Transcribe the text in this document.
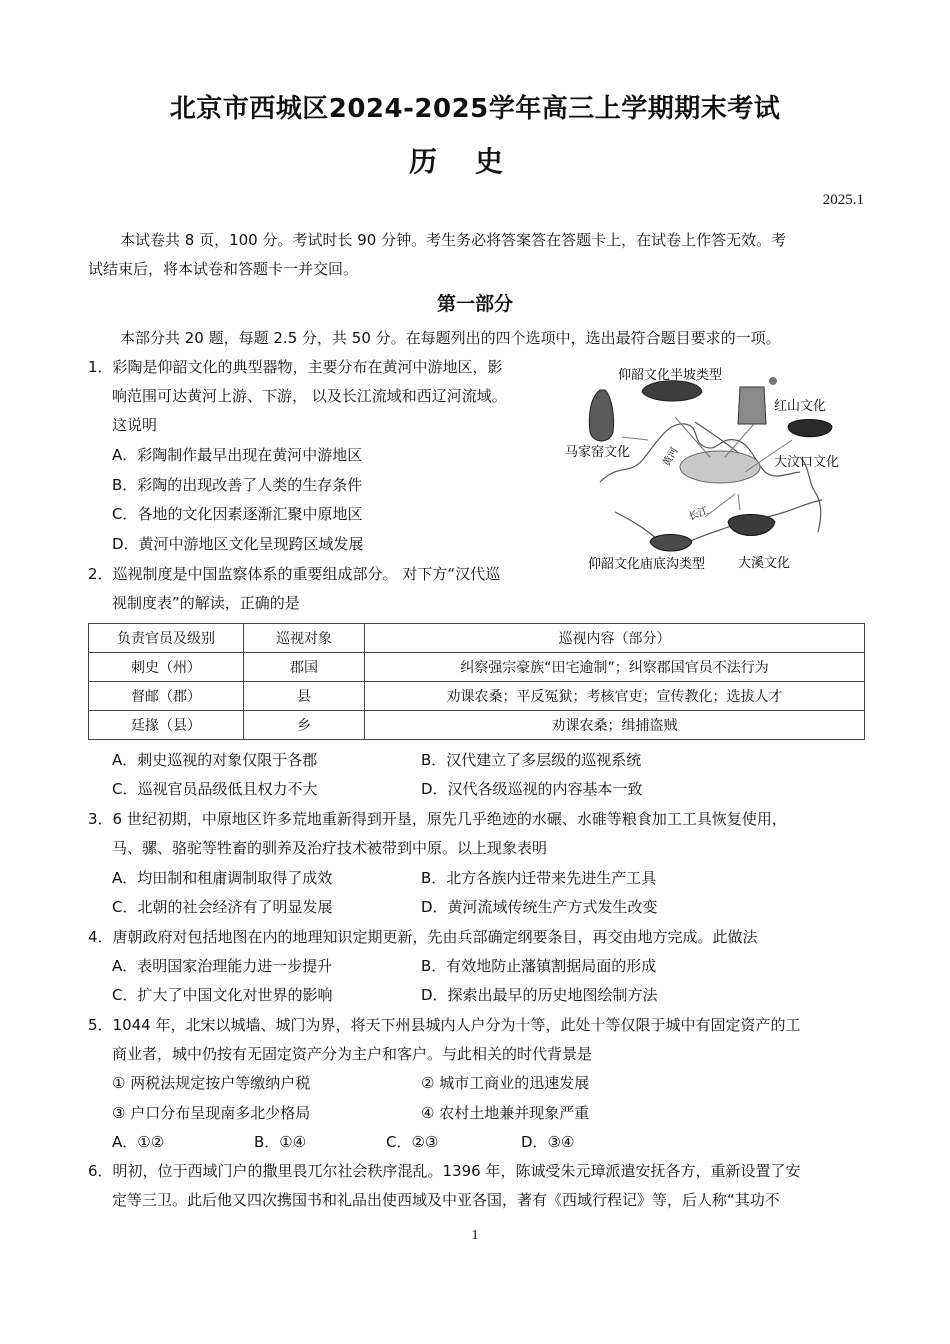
北京市西城区2024-2025学年高三上学期期末考试
历史
2025.1
本试卷共 8 页，100 分。考试时长 90 分钟。考生务必将答案答在答题卡上，在试卷上作答无效。考
试结束后，将本试卷和答题卡一并交回。
第一部分
本部分共 20 题，每题 2.5 分，共 50 分。在每题列出的四个选项中，选出最符合题目要求的一项。
1．彩陶是仰韶文化的典型器物，主要分布在黄河中游地区，影
响范围可达黄河上游、下游， 以及长江流域和西辽河流域。
这说明
A．彩陶制作最早出现在黄河中游地区
B．彩陶的出现改善了人类的生存条件
C．各地的文化因素逐渐汇聚中原地区
D．黄河中游地区文化呈现跨区域发展
仰韶文化半坡类型
红山文化
马家窑文化
大汶口文化
仰韶文化庙底沟类型	大溪文化
黄河
长江
2．巡视制度是中国监察体系的重要组成部分。 对下方“汉代巡
视制度表”的解读，正确的是
负责官员及级别	巡视对象	巡视内容（部分）
刺史（州）	郡国	纠察强宗豪族“田宅逾制”；纠察郡国官员不法行为
督邮（郡）	县	劝课农桑；平反冤狱；考核官吏；宣传教化；选拔人才
廷掾（县）	乡	劝课农桑；缉捕盗贼
A．刺史巡视的对象仅限于各郡	B．汉代建立了多层级的巡视系统
C．巡视官员品级低且权力不大	D．汉代各级巡视的内容基本一致
3．6 世纪初期，中原地区许多荒地重新得到开垦，原先几乎绝迹的水碾、水碓等粮食加工工具恢复使用，
马、骡、骆驼等牲畜的驯养及治疗技术被带到中原。以上现象表明
A．均田制和租庸调制取得了成效	B．北方各族内迁带来先进生产工具
C．北朝的社会经济有了明显发展	D．黄河流域传统生产方式发生改变
4．唐朝政府对包括地图在内的地理知识定期更新，先由兵部确定纲要条目，再交由地方完成。此做法
A．表明国家治理能力进一步提升	B．有效地防止藩镇割据局面的形成
C．扩大了中国文化对世界的影响	D．探索出最早的历史地图绘制方法
5．1044 年，北宋以城墙、城门为界，将天下州县城内人户分为十等，此处十等仅限于城中有固定资产的工
商业者，城中仍按有无固定资产分为主户和客户。与此相关的时代背景是
① 两税法规定按户等缴纳户税	② 城市工商业的迅速发展
③ 户口分布呈现南多北少格局	④ 农村土地兼并现象严重
A．①②	B．①④	C．②③	D．③④
6．明初，位于西域门户的撒里畏兀尔社会秩序混乱。1396 年，陈诚受朱元璋派遣安抚各方，重新设置了安
定等三卫。此后他又四次携国书和礼品出使西域及中亚各国，著有《西域行程记》等，后人称“其功不
1
